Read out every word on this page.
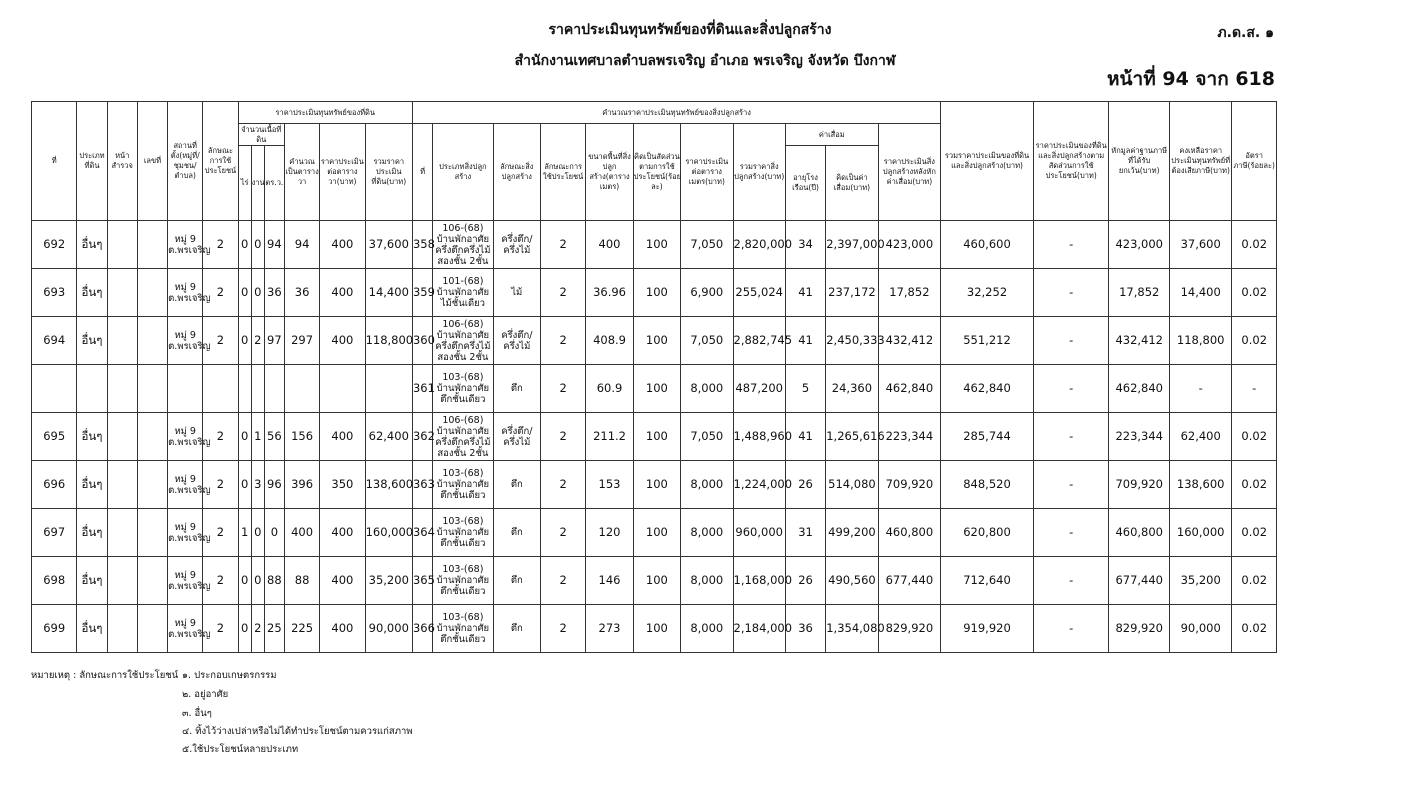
ราคาประเมินทุนทรัพย์ของที่ดินและสิ่งปลูกสร้าง
สำนักงานเทศบาลตำบลพรเจริญ อำเภอ พรเจริญ จังหวัด บึงกาฬ
ภ.ด.ส. ๑
หน้าที่ 94 จาก 618
ที่	ประเภทที่ดิน	หน้าสำรวจ	เลขที่	สถานที่ตั้ง(หมู่ที่/ชุมชน/ตำบล)	ลักษณะการใช้ประโยชน์	ราคาประเมินทุนทรัพย์ของที่ดิน						คำนวณราคาประเมินทุนทรัพย์ของสิ่งปลูกสร้าง											รวมราคาประเมินของที่ดินและสิ่งปลูกสร้าง(บาท)	ราคาประเมินของที่ดินและสิ่งปลูกสร้างตามสัดส่วนการใช้ประโยชน์(บาท)	หักมูลค่าฐานภาษีที่ได้รับยกเว้น(บาท)	คงเหลือราคาประเมินทุนทรัพย์ที่ต้องเสียภาษี(บาท)	อัตราภาษี(ร้อยละ)
						จำนวนเนื้อที่ดิน			คำนวณเป็นตารางวา	ราคาประเมินต่อตารางวา(บาท)	รวมราคาประเมินที่ดิน(บาท)	ที่	ประเภทสิ่งปลูกสร้าง	ลักษณะสิ่งปลูกสร้าง	ลักษณะการใช้ประโยชน์	ขนาดพื้นที่สิ่งปลูกสร้าง(ตารางเมตร)	คิดเป็นสัดส่วนตามการใช้ประโยชน์(ร้อยละ)	ราคาประเมินต่อตารางเมตร(บาท)	รวมราคาสิ่งปลูกสร้าง(บาท)	ค่าเสื่อม		ราคาประเมินสิ่งปลูกสร้างหลังหักค่าเสื่อม(บาท)					
						ไร่	งาน	ตร.ว.												อายุโรงเรือน(ปี)	คิดเป็นค่าเสื่อม(บาท)						
692	อื่นๆ			หมู่ 9 ต.พรเจริญ	2	0	0	94	94	400	37,600	358	106-(68) บ้านพักอาศัยครึ่งตึกครึ่งไม้สองชั้น 2ชั้น	ครึ่งตึก/ครึ่งไม้	2	400	100	7,050	2,820,000	34	2,397,000	423,000	460,600	-	423,000	37,600	0.02
693	อื่นๆ			หมู่ 9 ต.พรเจริญ	2	0	0	36	36	400	14,400	359	101-(68) บ้านพักอาศัยไม้ชั้นเดียว	ไม้	2	36.96	100	6,900	255,024	41	237,172	17,852	32,252	-	17,852	14,400	0.02
694	อื่นๆ			หมู่ 9 ต.พรเจริญ	2	0	2	97	297	400	118,800	360	106-(68) บ้านพักอาศัยครึ่งตึกครึ่งไม้สองชั้น 2ชั้น	ครึ่งตึก/ครึ่งไม้	2	408.9	100	7,050	2,882,745	41	2,450,333	432,412	551,212	-	432,412	118,800	0.02
												361	103-(68) บ้านพักอาศัยตึกชั้นเดียว	ตึก	2	60.9	100	8,000	487,200	5	24,360	462,840	462,840	-	462,840	-	-
695	อื่นๆ			หมู่ 9 ต.พรเจริญ	2	0	1	56	156	400	62,400	362	106-(68) บ้านพักอาศัยครึ่งตึกครึ่งไม้สองชั้น 2ชั้น	ครึ่งตึก/ครึ่งไม้	2	211.2	100	7,050	1,488,960	41	1,265,616	223,344	285,744	-	223,344	62,400	0.02
696	อื่นๆ			หมู่ 9 ต.พรเจริญ	2	0	3	96	396	350	138,600	363	103-(68) บ้านพักอาศัยตึกชั้นเดียว	ตึก	2	153	100	8,000	1,224,000	26	514,080	709,920	848,520	-	709,920	138,600	0.02
697	อื่นๆ			หมู่ 9 ต.พรเจริญ	2	1	0	0	400	400	160,000	364	103-(68) บ้านพักอาศัยตึกชั้นเดียว	ตึก	2	120	100	8,000	960,000	31	499,200	460,800	620,800	-	460,800	160,000	0.02
698	อื่นๆ			หมู่ 9 ต.พรเจริญ	2	0	0	88	88	400	35,200	365	103-(68) บ้านพักอาศัยตึกชั้นเดียว	ตึก	2	146	100	8,000	1,168,000	26	490,560	677,440	712,640	-	677,440	35,200	0.02
699	อื่นๆ			หมู่ 9 ต.พรเจริญ	2	0	2	25	225	400	90,000	366	103-(68) บ้านพักอาศัยตึกชั้นเดียว	ตึก	2	273	100	8,000	2,184,000	36	1,354,080	829,920	919,920	-	829,920	90,000	0.02
หมายเหตุ : ลักษณะการใช้ประโยชน์ ๑. ประกอบเกษตรกรรม
๒. อยู่อาศัย
๓. อื่นๆ
๔. ทิ้งไว้ว่างเปล่าหรือไม่ได้ทำประโยชน์ตามควรแก่สภาพ
๕.ใช้ประโยชน์หลายประเภท
